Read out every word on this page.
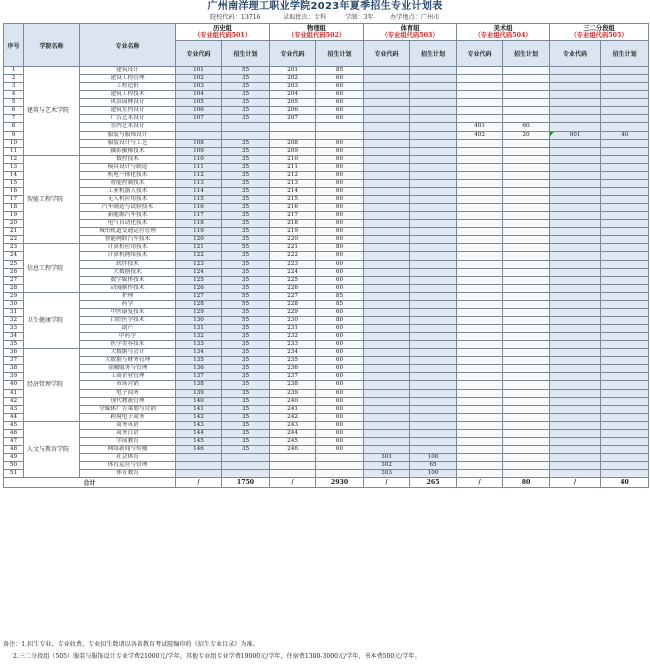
广州南洋理工职业学院2023年夏季招生专业计划表
院校代码：13716	录取批次：专科	学制：3年	办学地点：广州市
序号	学院名称	专业名称	历史组
（专业组代码501）		物理组
（专业组代码502）		体育组
（专业组代码503）		美术组
（专业组代码504）		三二分段组
（专业组代码505）	

			专业代码	招生计划	专业代码	招生计划	专业代码	招生计划	专业代码	招生计划	专业代码	招生计划
1	建筑与艺术学院	建筑设计	101	55	201	85						
2		建设工程管理	102	35	202	60						
3		工程造价	103	35	203	60						
4		建筑工程技术	104	35	204	60						
5		风景园林设计	105	35	205	60						
6		建筑室内设计	106	35	206	60						
7		广告艺术设计	107	35	207	60						
8		室内艺术设计							401	60		
9		服装与服饰设计							402	20	001	40
10		服装设计与工艺	108	35	208	60						
11		摄影摄像技术	109	35	209	60						
12	智能工程学院	数控技术	110	35	210	60						
13		模具设计与制造	111	35	211	60						
14		机电一体化技术	112	35	212	60						
15		智能控制技术	113	35	213	60						
16		工业机器人技术	114	35	214	60						
17		无人机应用技术	115	35	215	60						
18		汽车制造与试验技术	116	35	216	60						
19		新能源汽车技术	117	35	217	60						
20		电气自动化技术	118	35	218	60						
21		城市轨道交通运营管理	119	35	219	60						
22		智能网联汽车技术	120	35	220	60						
23	信息工程学院	计算机应用技术	121	55	221	80						
24		计算机网络技术	122	35	222	60						
25		软件技术	123	35	223	60						
26		大数据技术	124	35	224	60						
27		数字媒体技术	125	35	225	60						
28		动漫制作技术	126	35	226	60						
29	卫生健康学院	护理	127	55	227	85						
30		药学	128	55	228	85						
31		中医康复技术	129	35	229	60						
32		口腔医学技术	130	55	230	80						
33		助产	131	35	231	60						
34		中药学	132	35	232	60						
35		医学美容技术	133	35	233	60						
36	经济管理学院	大数据与会计	134	35	234	60						
37		大数据与财务管理	135	35	235	60						
38		金融服务与管理	136	35	236	60						
39		工商企业管理	137	35	237	60						
40		市场营销	138	35	238	60						
41		电子商务	139	35	239	60						
42		现代物流管理	140	35	240	60						
43		全媒体广告策划与营销	141	35	241	60						
44		跨境电子商务	142	35	242	60						
45	人文与教育学院	商务英语	143	35	243	60						
46		商务日语	144	35	244	60						
47		学前教育	145	35	245	60						
48		网络新闻与传播	146	35	246	60						
49		社会体育					301	100				
50		体育运营与管理					302	65				
51		体育教育					303	100				
合计			/	1750	/	2930	/	265	/	80	/	40
备注：1.招生专业、专业收费、专业招生数请以各省教育考试院编印的《招生专业目录》为准。
2.三二分段组（505）服装与服饰设计专业学费21000元/学年，其他专业组专业学费19000元/学年，住宿费1300-3000元/学年，书本费500元/学年。
